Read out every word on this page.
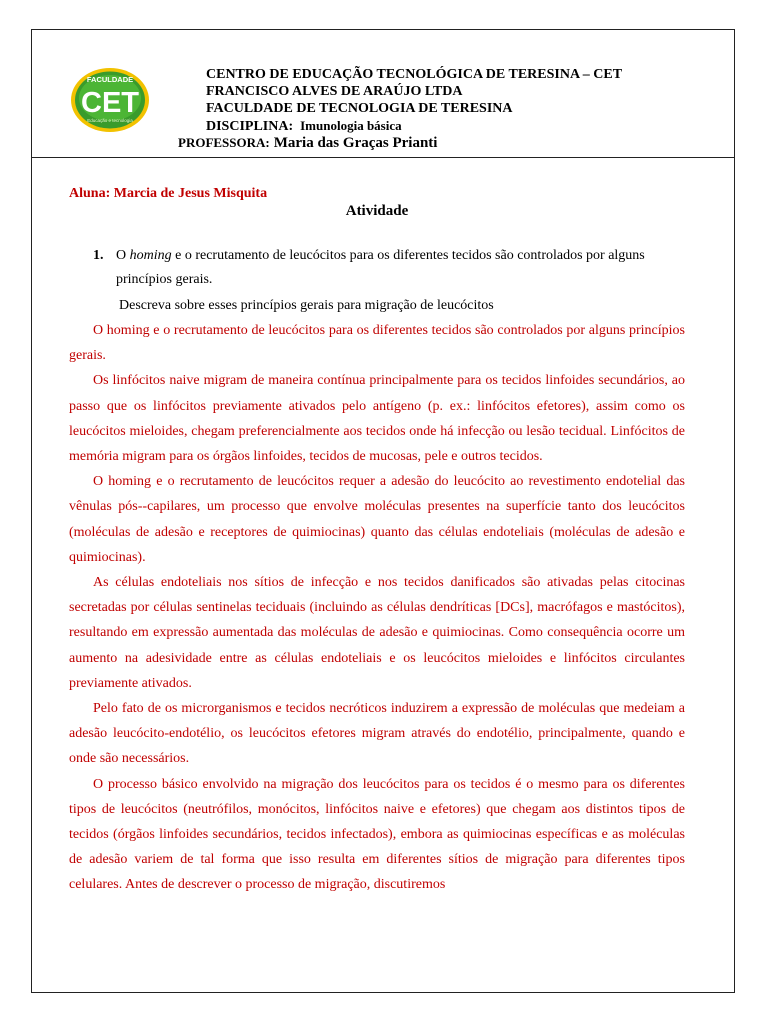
FACULDADE
CET
Educação e tecnologia
CENTRO DE EDUCAÇÃO TECNOLÓGICA DE TERESINA – CET
FRANCISCO ALVES DE ARAÚJO LTDA
FACULDADE DE TECNOLOGIA DE TERESINA
DISCIPLINA: Imunologia básica
PROFESSORA: Maria das Graças Prianti
Aluna: Marcia de Jesus Misquita
Atividade
1. O homing e o recrutamento de leucócitos para os diferentes tecidos são controlados por alguns princípios gerais.
Descreva sobre esses princípios gerais para migração de leucócitos

O homing e o recrutamento de leucócitos para os diferentes tecidos são controlados por alguns princípios gerais.

Os linfócitos naive migram de maneira contínua principalmente para os tecidos linfoides secundários, ao passo que os linfócitos previamente ativados pelo antígeno (p. ex.: linfócitos efetores), assim como os leucócitos mieloides, chegam preferencialmente aos tecidos onde há infecção ou lesão tecidual. Linfócitos de memória migram para os órgãos linfoides, tecidos de mucosas, pele e outros tecidos.

O homing e o recrutamento de leucócitos requer a adesão do leucócito ao revestimento endotelial das vênulas pós--capilares, um processo que envolve moléculas presentes na superfície tanto dos leucócitos (moléculas de adesão e receptores de quimiocinas) quanto das células endoteliais (moléculas de adesão e quimiocinas).

As células endoteliais nos sítios de infecção e nos tecidos danificados são ativadas pelas citocinas secretadas por células sentinelas teciduais (incluindo as células dendríticas [DCs], macrófagos e mastócitos), resultando em expressão aumentada das moléculas de adesão e quimiocinas. Como consequência ocorre um aumento na adesividade entre as células endoteliais e os leucócitos mieloides e linfócitos circulantes previamente ativados.

Pelo fato de os microrganismos e tecidos necróticos induzirem a expressão de moléculas que medeiam a adesão leucócito-endotélio, os leucócitos efetores migram através do endotélio, principalmente, quando e onde são necessários.

O processo básico envolvido na migração dos leucócitos para os tecidos é o mesmo para os diferentes tipos de leucócitos (neutrófilos, monócitos, linfócitos naive e efetores) que chegam aos distintos tipos de tecidos (órgãos linfoides secundários, tecidos infectados), embora as quimiocinas específicas e as moléculas de adesão variem de tal forma que isso resulta em diferentes sítios de migração para diferentes tipos celulares. Antes de descrever o processo de migração, discutiremos
